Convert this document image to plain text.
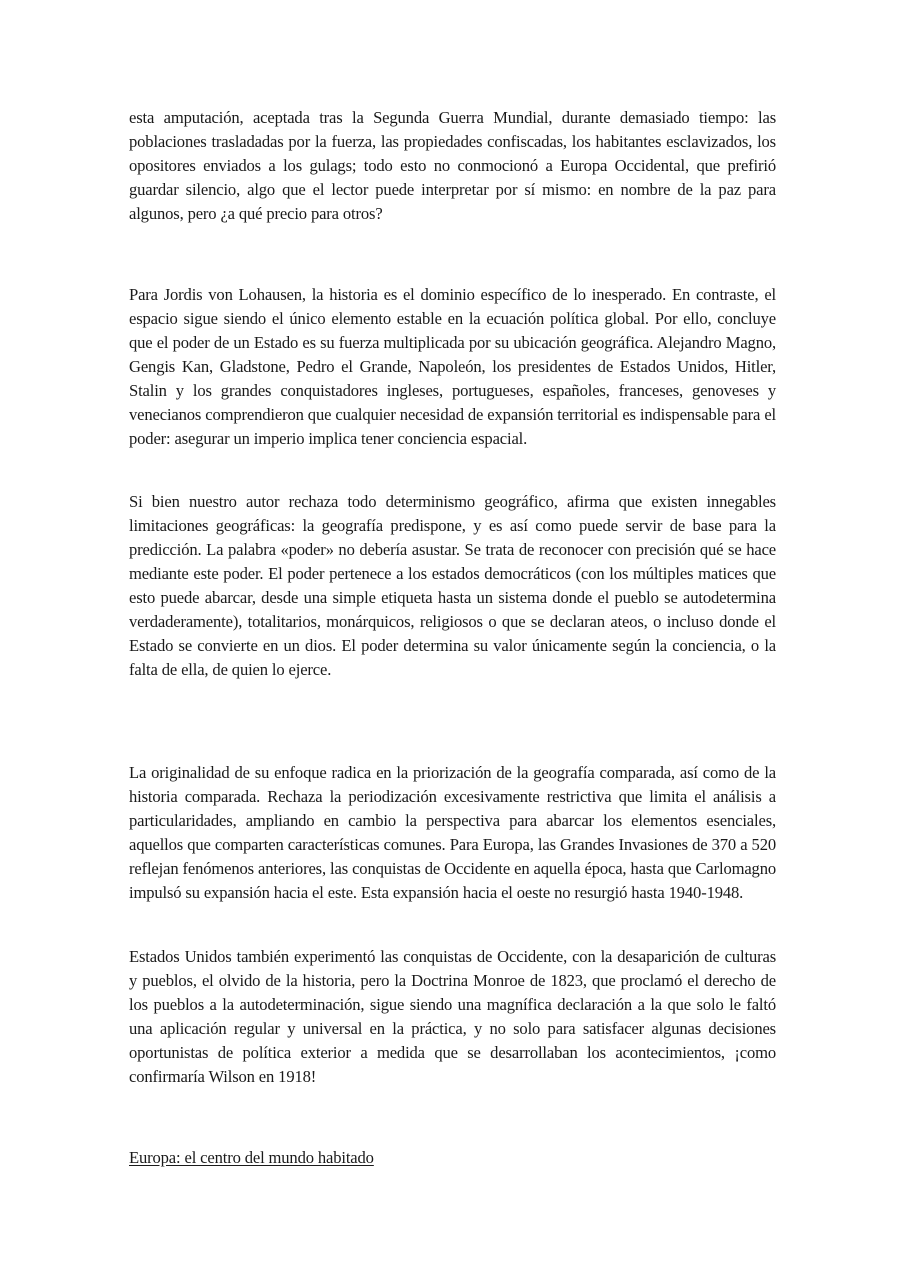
esta amputación, aceptada tras la Segunda Guerra Mundial, durante demasiado tiempo: las poblaciones trasladadas por la fuerza, las propiedades confiscadas, los habitantes esclavizados, los opositores enviados a los gulags; todo esto no conmocionó a Europa Occidental, que prefirió guardar silencio, algo que el lector puede interpretar por sí mismo: en nombre de la paz para algunos, pero ¿a qué precio para otros?

Para Jordis von Lohausen, la historia es el dominio específico de lo inesperado. En contraste, el espacio sigue siendo el único elemento estable en la ecuación política global. Por ello, concluye que el poder de un Estado es su fuerza multiplicada por su ubicación geográfica. Alejandro Magno, Gengis Kan, Gladstone, Pedro el Grande, Napoleón, los presidentes de Estados Unidos, Hitler, Stalin y los grandes conquistadores ingleses, portugueses, españoles, franceses, genoveses y venecianos comprendieron que cualquier necesidad de expansión territorial es indispensable para el poder: asegurar un imperio implica tener conciencia espacial.

Si bien nuestro autor rechaza todo determinismo geográfico, afirma que existen innegables limitaciones geográficas: la geografía predispone, y es así como puede servir de base para la predicción. La palabra «poder» no debería asustar. Se trata de reconocer con precisión qué se hace mediante este poder. El poder pertenece a los estados democráticos (con los múltiples matices que esto puede abarcar, desde una simple etiqueta hasta un sistema donde el pueblo se autodetermina verdaderamente), totalitarios, monárquicos, religiosos o que se declaran ateos, o incluso donde el Estado se convierte en un dios. El poder determina su valor únicamente según la conciencia, o la falta de ella, de quien lo ejerce.

La originalidad de su enfoque radica en la priorización de la geografía comparada, así como de la historia comparada. Rechaza la periodización excesivamente restrictiva que limita el análisis a particularidades, ampliando en cambio la perspectiva para abarcar los elementos esenciales, aquellos que comparten características comunes. Para Europa, las Grandes Invasiones de 370 a 520 reflejan fenómenos anteriores, las conquistas de Occidente en aquella época, hasta que Carlomagno impulsó su expansión hacia el este. Esta expansión hacia el oeste no resurgió hasta 1940-1948.

Estados Unidos también experimentó las conquistas de Occidente, con la desaparición de culturas y pueblos, el olvido de la historia, pero la Doctrina Monroe de 1823, que proclamó el derecho de los pueblos a la autodeterminación, sigue siendo una magnífica declaración a la que solo le faltó una aplicación regular y universal en la práctica, y no solo para satisfacer algunas decisiones oportunistas de política exterior a medida que se desarrollaban los acontecimientos, ¡como confirmaría Wilson en 1918!

Europa: el centro del mundo habitado
